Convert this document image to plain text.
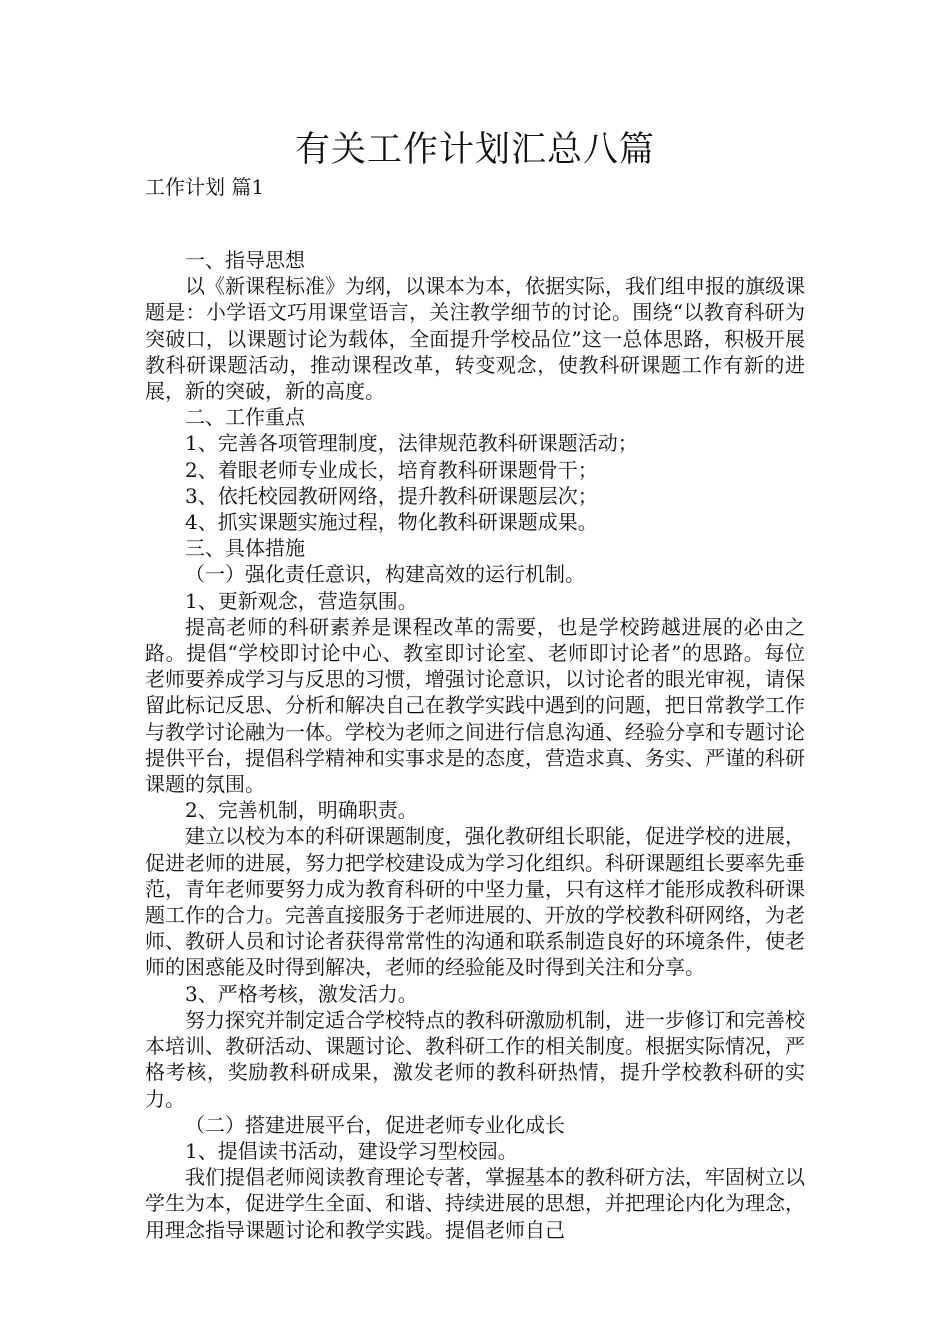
有关工作计划汇总八篇

工作计划 篇1

一、指导思想

以《新课程标准》为纲，以课本为本，依据实际，我们组申报的旗级课题是：小学语文巧用课堂语言，关注教学细节的讨论。围绕“以教育科研为突破口，以课题讨论为载体，全面提升学校品位”这一总体思路，积极开展教科研课题活动，推动课程改革，转变观念，使教科研课题工作有新的进展，新的突破，新的高度。

二、工作重点

1、完善各项管理制度，法律规范教科研课题活动；

2、着眼老师专业成长，培育教科研课题骨干；

3、依托校园教研网络，提升教科研课题层次；

4、抓实课题实施过程，物化教科研课题成果。

三、具体措施

（一）强化责任意识，构建高效的运行机制。

1、更新观念，营造氛围。

提高老师的科研素养是课程改革的需要，也是学校跨越进展的必由之路。提倡“学校即讨论中心、教室即讨论室、老师即讨论者”的思路。每位老师要养成学习与反思的习惯，增强讨论意识，以讨论者的眼光审视，请保留此标记反思、分析和解决自己在教学实践中遇到的问题，把日常教学工作与教学讨论融为一体。学校为老师之间进行信息沟通、经验分享和专题讨论提供平台，提倡科学精神和实事求是的态度，营造求真、务实、严谨的科研课题的氛围。

2、完善机制，明确职责。

建立以校为本的科研课题制度，强化教研组长职能，促进学校的进展，促进老师的进展，努力把学校建设成为学习化组织。科研课题组长要率先垂范，青年老师要努力成为教育科研的中坚力量，只有这样才能形成教科研课题工作的合力。完善直接服务于老师进展的、开放的学校教科研网络，为老师、教研人员和讨论者获得常常性的沟通和联系制造良好的环境条件，使老师的困惑能及时得到解决，老师的经验能及时得到关注和分享。

3、严格考核，激发活力。

努力探究并制定适合学校特点的教科研激励机制，进一步修订和完善校本培训、教研活动、课题讨论、教科研工作的相关制度。根据实际情况，严格考核，奖励教科研成果，激发老师的教科研热情，提升学校教科研的实力。

（二）搭建进展平台，促进老师专业化成长

1、提倡读书活动，建设学习型校园。

我们提倡老师阅读教育理论专著，掌握基本的教科研方法，牢固树立以学生为本，促进学生全面、和谐、持续进展的思想，并把理论内化为理念，用理念指导课题讨论和教学实践。提倡老师自己
